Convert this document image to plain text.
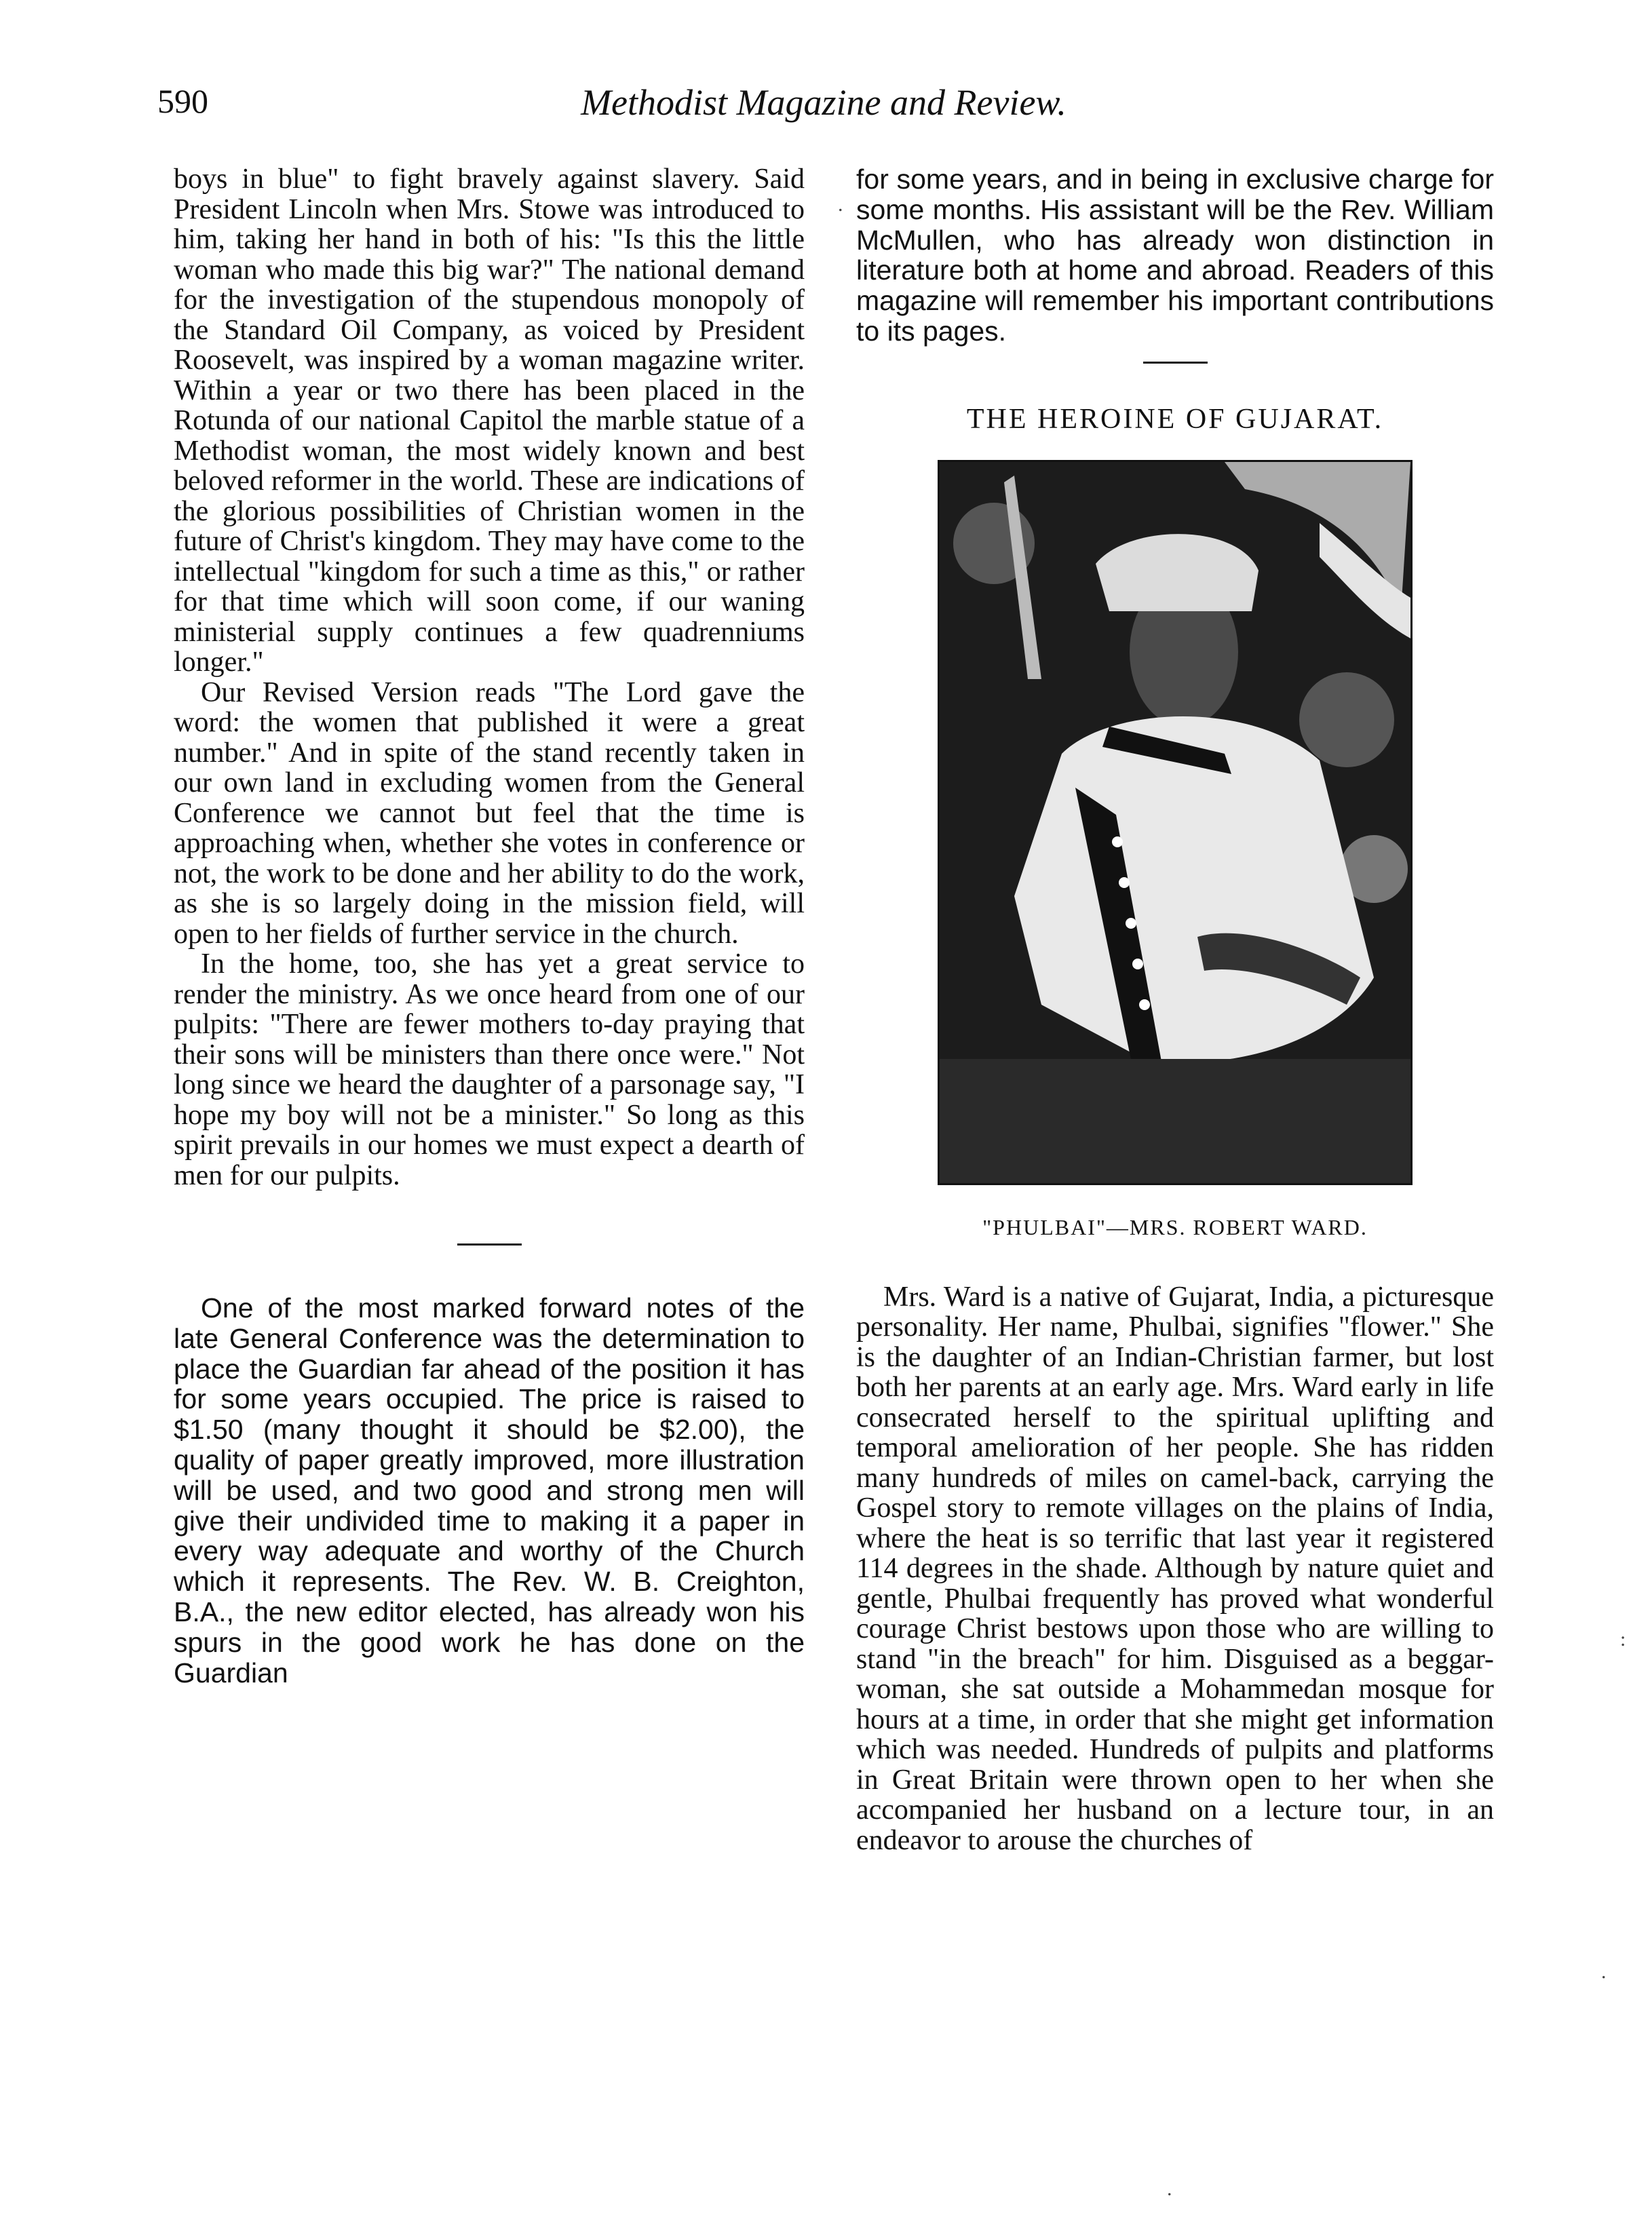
590	Methodist Magazine and Review.

boys in blue" to fight bravely against slavery. Said President Lincoln when Mrs. Stowe was introduced to him, taking her hand in both of his: "Is this the little woman who made this big war?" The national demand for the investigation of the stupendous monopoly of the Standard Oil Company, as voiced by President Roosevelt, was inspired by a woman magazine writer. Within a year or two there has been placed in the Rotunda of our national Capitol the marble statue of a Methodist woman, the most widely known and best beloved reformer in the world. These are indications of the glorious possibilities of Christian women in the future of Christ's kingdom. They may have come to the intellectual "kingdom for such a time as this," or rather for that time which will soon come, if our waning ministerial supply continues a few quadrenniums longer."

Our Revised Version reads "The Lord gave the word: the women that published it were a great number." And in spite of the stand recently taken in our own land in excluding women from the General Conference we cannot but feel that the time is approaching when, whether she votes in conference or not, the work to be done and her ability to do the work, as she is so largely doing in the mission field, will open to her fields of further service in the church.

In the home, too, she has yet a great service to render the ministry. As we once heard from one of our pulpits: "There are fewer mothers to-day praying that their sons will be ministers than there once were." Not long since we heard the daughter of a parsonage say, "I hope my boy will not be a minister." So long as this spirit prevails in our homes we must expect a dearth of men for our pulpits.

One of the most marked forward notes of the late General Conference was the determination to place the Guardian far ahead of the position it has for some years occupied. The price is raised to $1.50 (many thought it should be $2.00), the quality of paper greatly improved, more illustration will be used, and two good and strong men will give their undivided time to making it a paper in every way adequate and worthy of the Church which it represents. The Rev. W. B. Creighton, B.A., the new editor elected, has already won his spurs in the good work he has done on the Guardian

for some years, and in being in exclusive charge for some months. His assistant will be the Rev. William McMullen, who has already won distinction in literature both at home and abroad. Readers of this magazine will remember his important contributions to its pages.

THE HEROINE OF GUJARAT.

"PHULBAI"—MRS. ROBERT WARD.

Mrs. Ward is a native of Gujarat, India, a picturesque personality. Her name, Phulbai, signifies "flower." She is the daughter of an Indian-Christian farmer, but lost both her parents at an early age. Mrs. Ward early in life consecrated herself to the spiritual uplifting and temporal amelioration of her people. She has ridden many hundreds of miles on camel-back, carrying the Gospel story to remote villages on the plains of India, where the heat is so terrific that last year it registered 114 degrees in the shade. Although by nature quiet and gentle, Phulbai frequently has proved what wonderful courage Christ bestows upon those who are willing to stand "in the breach" for him. Disguised as a beggar-woman, she sat outside a Mohammedan mosque for hours at a time, in order that she might get information which was needed. Hundreds of pulpits and platforms in Great Britain were thrown open to her when she accompanied her husband on a lecture tour, in an endeavor to arouse the churches of

.
:
.
.
